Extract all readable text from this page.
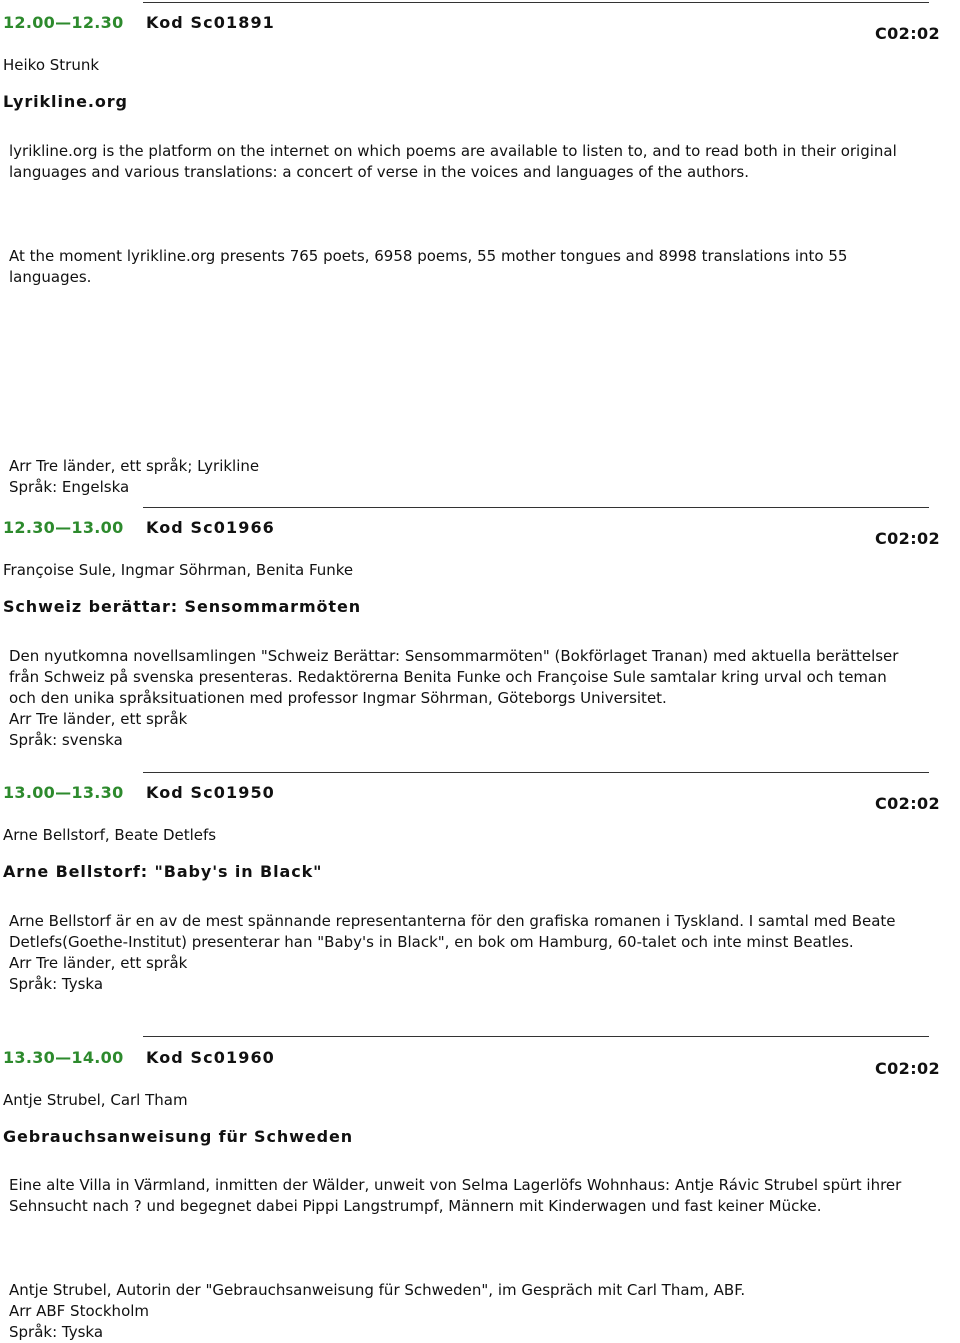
12.00—12.30 Kod Sc01891
C02:02
Heiko Strunk
Lyrikline.org

lyrikline.org is the platform on the internet on which poems are available to listen to, and to read both in their original
languages and various translations: a concert of verse in the voices and languages of the authors.

At the moment lyrikline.org presents 765 poets, 6958 poems, 55 mother tongues and 8998 translations into 55
languages.

Arr Tre länder, ett språk; Lyrikline
Språk: Engelska

12.30—13.00 Kod Sc01966
C02:02
Françoise Sule, Ingmar Söhrman, Benita Funke
Schweiz berättar: Sensommarmöten

Den nyutkomna novellsamlingen "Schweiz Berättar: Sensommarmöten" (Bokförlaget Tranan) med aktuella berättelser
från Schweiz på svenska presenteras. Redaktörerna Benita Funke och Françoise Sule samtalar kring urval och teman
och den unika språksituationen med professor Ingmar Söhrman, Göteborgs Universitet.
Arr Tre länder, ett språk
Språk: svenska

13.00—13.30 Kod Sc01950
C02:02
Arne Bellstorf, Beate Detlefs
Arne Bellstorf: "Baby's in Black"

Arne Bellstorf är en av de mest spännande representanterna för den grafiska romanen i Tyskland. I samtal med Beate
Detlefs(Goethe-Institut) presenterar han "Baby's in Black", en bok om Hamburg, 60-talet och inte minst Beatles.
Arr Tre länder, ett språk
Språk: Tyska

13.30—14.00 Kod Sc01960
C02:02
Antje Strubel, Carl Tham
Gebrauchsanweisung für Schweden

Eine alte Villa in Värmland, inmitten der Wälder, unweit von Selma Lagerlöfs Wohnhaus: Antje Rávic Strubel spürt ihrer
Sehnsucht nach ? und begegnet dabei Pippi Langstrumpf, Männern mit Kinderwagen und fast keiner Mücke.

Antje Strubel, Autorin der "Gebrauchsanweisung für Schweden", im Gespräch mit Carl Tham, ABF.
Arr ABF Stockholm
Språk: Tyska
